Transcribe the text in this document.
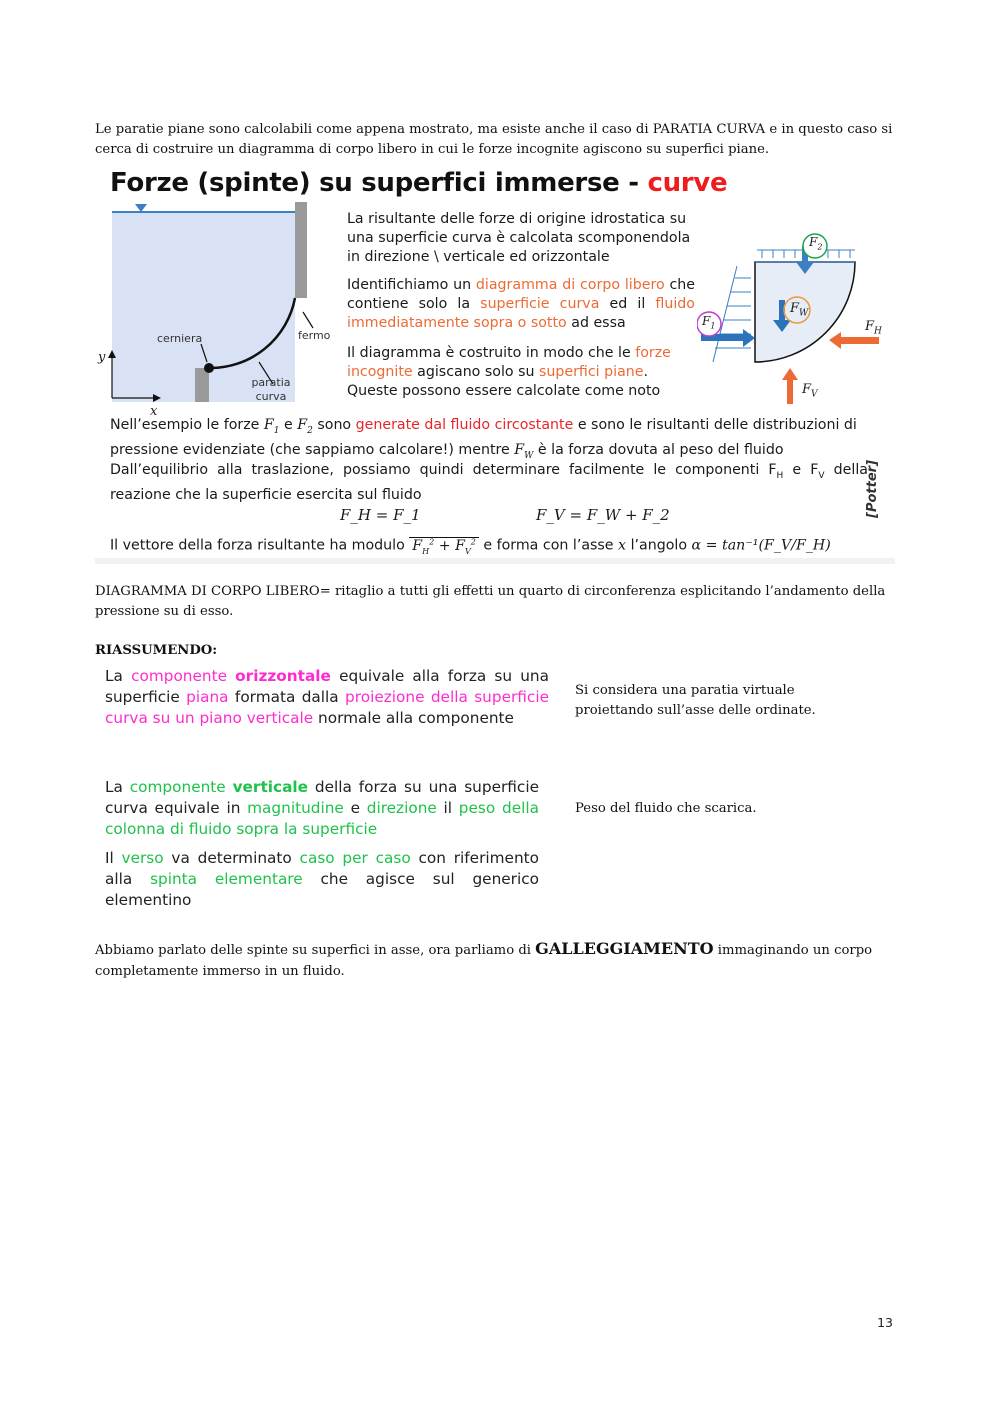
Le paratie piane sono calcolabili come appena mostrato, ma esiste anche il caso di PARATIA CURVA e in questo caso si cerca di costruire un diagramma di corpo libero in cui le forze incognite agiscono su superfici piane.
Forze (spinte) su superfici immerse - curve
cerniera	fermo
paratia
curva
y
x
La risultante delle forze di origine idrostatica su una superficie curva è calcolata scomponendola in direzione \ verticale ed orizzontale
Identifichiamo un diagramma di corpo libero che contiene solo la superficie curva ed il fluido immediatamente sopra o sotto ad essa
Il diagramma è costruito in modo che le forze incognite agiscano solo su superfici piane. Queste possono essere calcolate come noto
$F_2$
$F_1$
$F_W$
$F_H$
$F_V$
Nell’esempio le forze $F_1$ e $F_2$ sono generate dal fluido circostante e sono le risultanti delle distribuzioni di pressione evidenziate (che sappiamo calcolare!) mentre $F_W$ è la forza dovuta al peso del fluido
Dall’equilibrio alla traslazione, possiamo quindi determinare facilmente le componenti $F_H$ e $F_V$ della reazione che la superficie esercita sul fluido
F_H = F_1	F_V = F_W + F_2
Il vettore della forza risultante ha modulo $F_H^2 + F_V^2$ e forma con l’asse x l’angolo α = tan⁻¹(F_V/F_H)
[Potter]
DIAGRAMMA DI CORPO LIBERO= ritaglio a tutti gli effetti un quarto di circonferenza esplicitando l’andamento della pressione su di esso.
RIASSUMENDO:
La componente orizzontale equivale alla forza su una superficie piana formata dalla proiezione della superficie curva su un piano verticale normale alla componente
Si considera una paratia virtuale proiettando sull’asse delle ordinate.
La componente verticale della forza su una superficie curva equivale in magnitudine e direzione il peso della colonna di fluido sopra la superficie
Il verso va determinato caso per caso con riferimento alla spinta elementare che agisce sul generico elementino
Peso del fluido che scarica.
Abbiamo parlato delle spinte su superfici in asse, ora parliamo di GALLEGGIAMENTO immaginando un corpo completamente immerso in un fluido.
13
